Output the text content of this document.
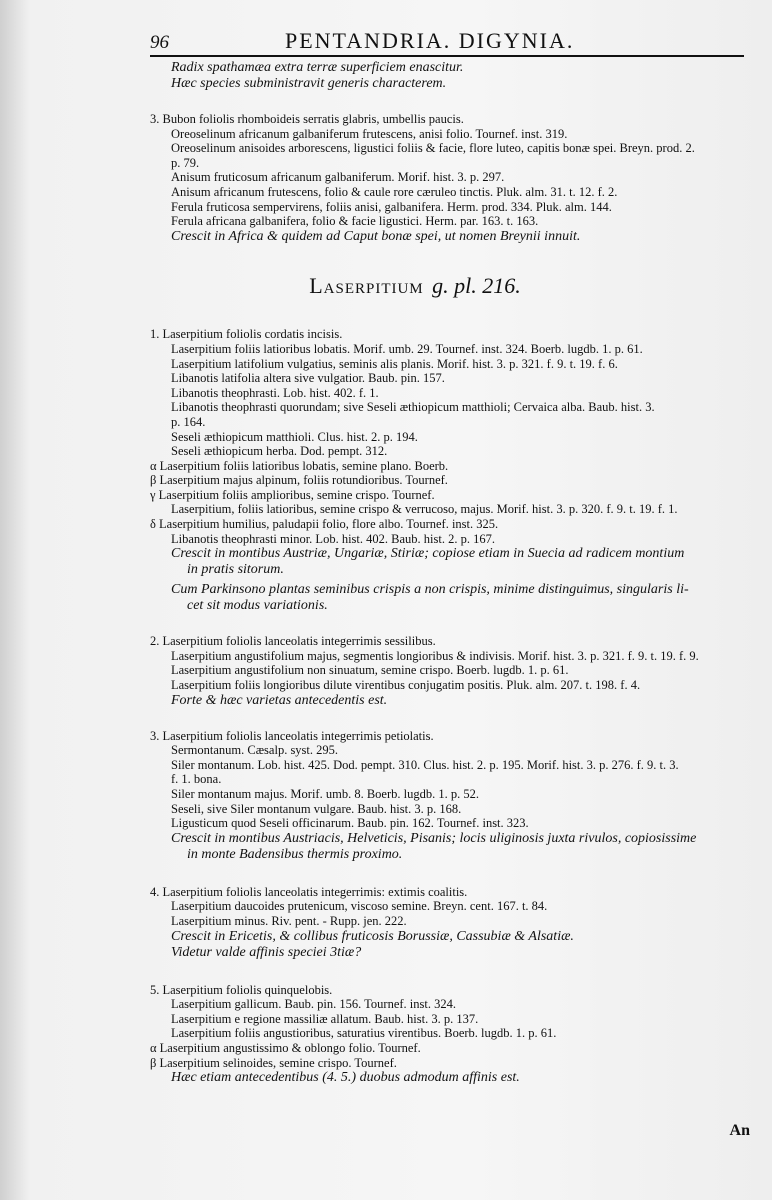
96	PENTANDRIA. DIGYNIA.
Radix spathamæa extra terræ superficiem enascitur.
Hæc species subministravit generis characterem.
3. Bubon foliolis rhomboideis serratis glabris, umbellis paucis.
Oreoselinum africanum galbaniferum frutescens, anisi folio. Tournef. inst. 319.
Oreoselinum anisoides arborescens, ligustici foliis & facie, flore luteo, capitis bonæ spei. Breyn. prod. 2.
p. 79.
Anisum fruticosum africanum galbaniferum. Morif. hist. 3. p. 297.
Anisum africanum frutescens, folio & caule rore cæruleo tinctis. Pluk. alm. 31. t. 12. f. 2.
Ferula fruticosa sempervirens, foliis anisi, galbanifera. Herm. prod. 334. Pluk. alm. 144.
Ferula africana galbanifera, folio & facie ligustici. Herm. par. 163. t. 163.
Crescit in Africa & quidem ad Caput bonæ spei, ut nomen Breynii innuit.
Laserpitium g. pl. 216.
1. Laserpitium foliolis cordatis incisis.
Laserpitium foliis latioribus lobatis. Morif. umb. 29. Tournef. inst. 324. Boerb. lugdb. 1. p. 61.
Laserpitium latifolium vulgatius, seminis alis planis. Morif. hist. 3. p. 321. f. 9. t. 19. f. 6.
Libanotis latifolia altera sive vulgatior. Baub. pin. 157.
Libanotis theophrasti. Lob. hist. 402. f. 1.
Libanotis theophrasti quorundam; sive Seseli æthiopicum matthioli; Cervaica alba. Baub. hist. 3.
p. 164.
Seseli æthiopicum matthioli. Clus. hist. 2. p. 194.
Seseli æthiopicum herba. Dod. pempt. 312.
α Laserpitium foliis latioribus lobatis, semine plano. Boerb.
β Laserpitium majus alpinum, foliis rotundioribus. Tournef.
γ Laserpitium foliis amplioribus, semine crispo. Tournef.
Laserpitium, foliis latioribus, semine crispo & verrucoso, majus. Morif. hist. 3. p. 320. f. 9. t. 19. f. 1.
δ Laserpitium humilius, paludapii folio, flore albo. Tournef. inst. 325.
Libanotis theophrasti minor. Lob. hist. 402. Baub. hist. 2. p. 167.
Crescit in montibus Austriæ, Ungariæ, Stiriæ; copiose etiam in Suecia ad radicem montium
in pratis sitorum.
Cum Parkinsono plantas seminibus crispis a non crispis, minime distinguimus, singularis li-
cet sit modus variationis.
2. Laserpitium foliolis lanceolatis integerrimis sessilibus.
Laserpitium angustifolium majus, segmentis longioribus & indivisis. Morif. hist. 3. p. 321. f. 9. t. 19. f. 9.
Laserpitium angustifolium non sinuatum, semine crispo. Boerb. lugdb. 1. p. 61.
Laserpitium foliis longioribus dilute virentibus conjugatim positis. Pluk. alm. 207. t. 198. f. 4.
Forte & hæc varietas antecedentis est.
3. Laserpitium foliolis lanceolatis integerrimis petiolatis.
Sermontanum. Cæsalp. syst. 295.
Siler montanum. Lob. hist. 425. Dod. pempt. 310. Clus. hist. 2. p. 195. Morif. hist. 3. p. 276. f. 9. t. 3.
f. 1. bona.
Siler montanum majus. Morif. umb. 8. Boerb. lugdb. 1. p. 52.
Seseli, sive Siler montanum vulgare. Baub. hist. 3. p. 168.
Ligusticum quod Seseli officinarum. Baub. pin. 162. Tournef. inst. 323.
Crescit in montibus Austriacis, Helveticis, Pisanis; locis uliginosis juxta rivulos, copiosissime
in monte Badensibus thermis proximo.
4. Laserpitium foliolis lanceolatis integerrimis: extimis coalitis.
Laserpitium daucoides prutenicum, viscoso semine. Breyn. cent. 167. t. 84.
Laserpitium minus. Riv. pent. - Rupp. jen. 222.
Crescit in Ericetis, & collibus fruticosis Borussiæ, Cassubiæ & Alsatiæ.
Videtur valde affinis speciei 3tiæ?
5. Laserpitium foliolis quinquelobis.
Laserpitium gallicum. Baub. pin. 156. Tournef. inst. 324.
Laserpitium e regione massiliæ allatum. Baub. hist. 3. p. 137.
Laserpitium foliis angustioribus, saturatius virentibus. Boerb. lugdb. 1. p. 61.
α Laserpitium angustissimo & oblongo folio. Tournef.
β Laserpitium selinoides, semine crispo. Tournef.
Hæc etiam antecedentibus (4. 5.) duobus admodum affinis est.
An
